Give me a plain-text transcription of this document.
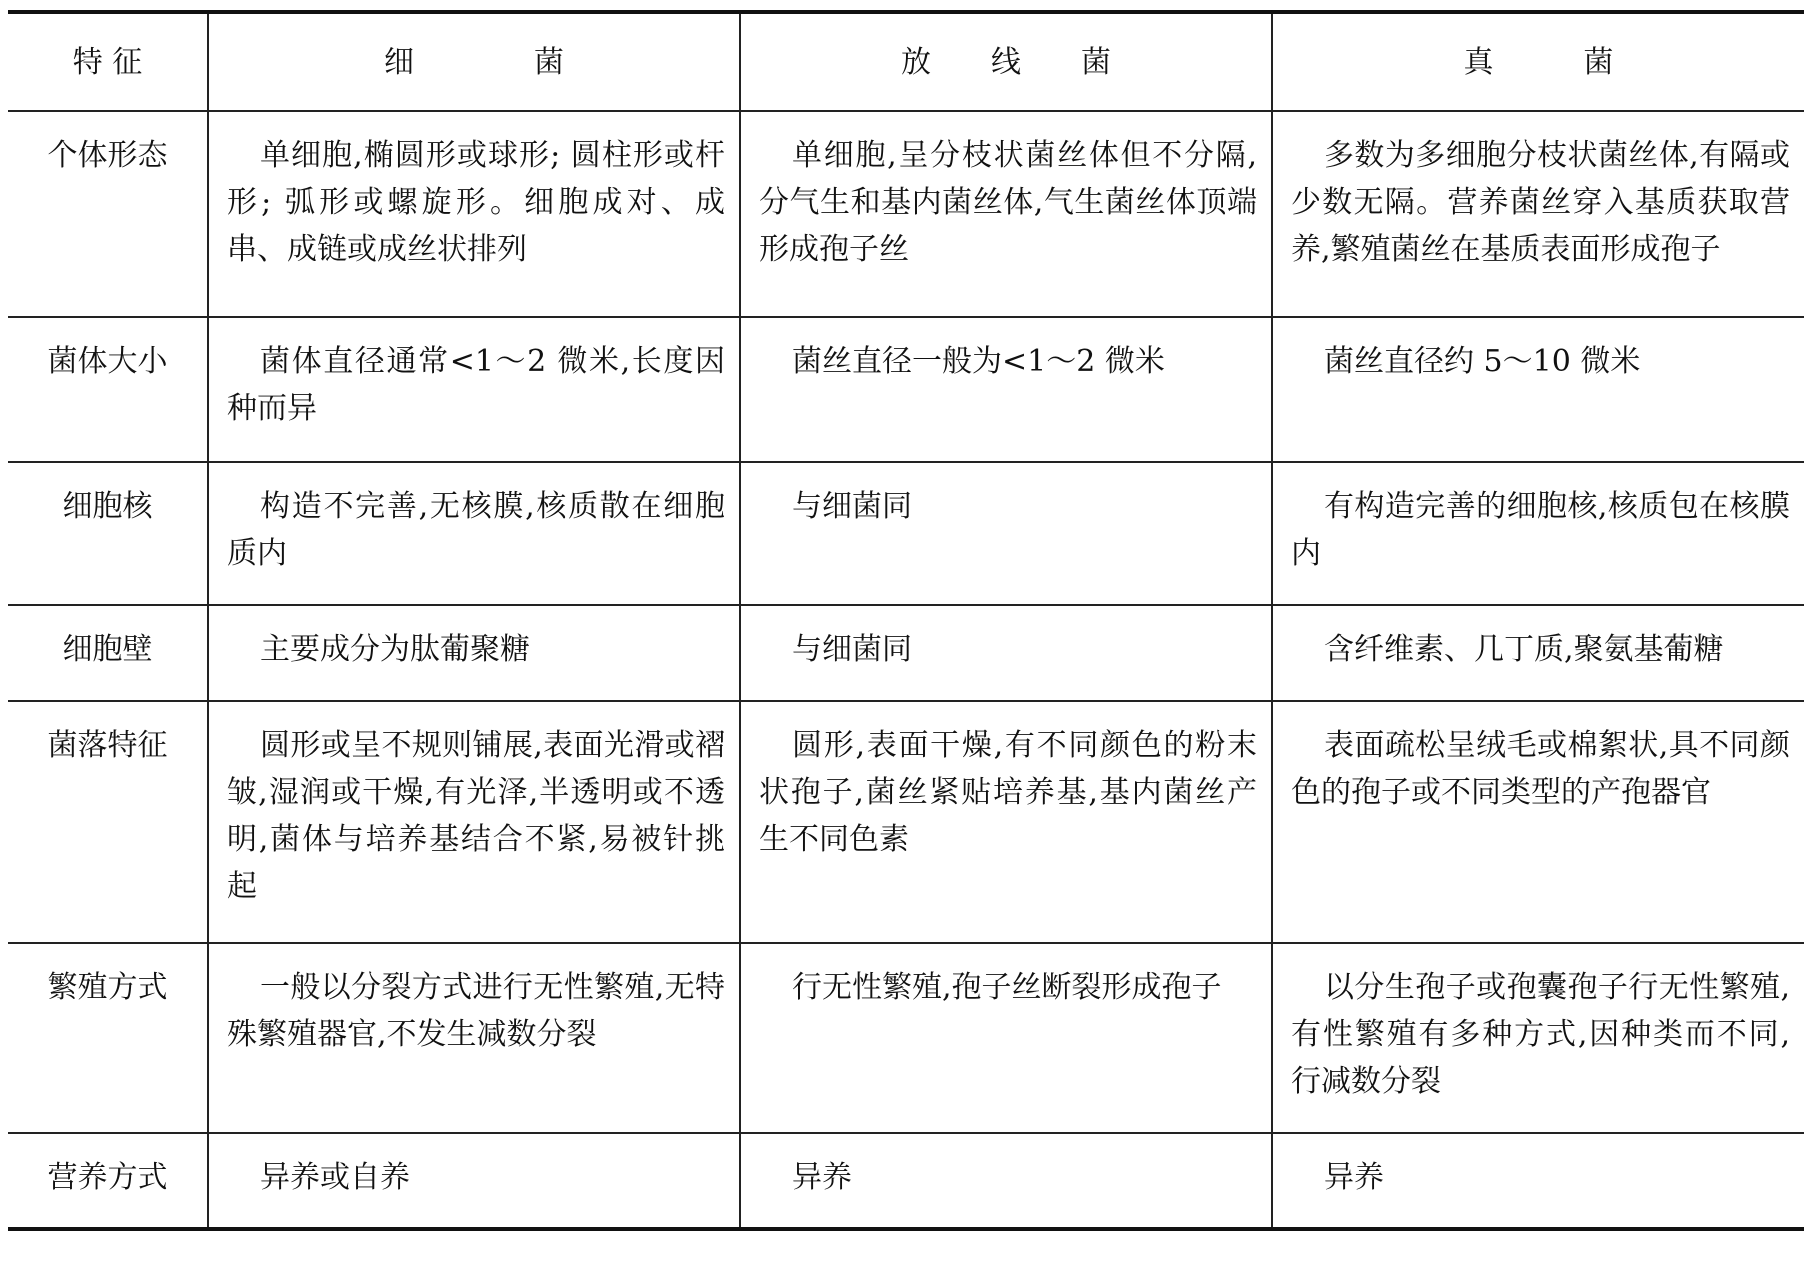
特 征	细　　　　菌	放　　线　　菌	真　　　菌
个体形态	单细胞,椭圆形或球形; 圆柱形或杆形; 弧形或螺旋形。细胞成对、成串、成链或成丝状排列	单细胞,呈分枝状菌丝体但不分隔,分气生和基内菌丝体,气生菌丝体顶端形成孢子丝	多数为多细胞分枝状菌丝体,有隔或少数无隔。营养菌丝穿入基质获取营养,繁殖菌丝在基质表面形成孢子
菌体大小	菌体直径通常<1～2 微米,长度因种而异	菌丝直径一般为<1～2 微米	菌丝直径约 5～10 微米
细胞核	构造不完善,无核膜,核质散在细胞质内	与细菌同	有构造完善的细胞核,核质包在核膜内
细胞壁	主要成分为肽葡聚糖	与细菌同	含纤维素、几丁质,聚氨基葡糖
菌落特征	圆形或呈不规则铺展,表面光滑或褶皱,湿润或干燥,有光泽,半透明或不透明,菌体与培养基结合不紧,易被针挑起	圆形,表面干燥,有不同颜色的粉末状孢子,菌丝紧贴培养基,基内菌丝产生不同色素	表面疏松呈绒毛或棉絮状,具不同颜色的孢子或不同类型的产孢器官
繁殖方式	一般以分裂方式进行无性繁殖,无特殊繁殖器官,不发生减数分裂	行无性繁殖,孢子丝断裂形成孢子	以分生孢子或孢囊孢子行无性繁殖,有性繁殖有多种方式,因种类而不同,行减数分裂
营养方式	异养或自养	异养	异养
